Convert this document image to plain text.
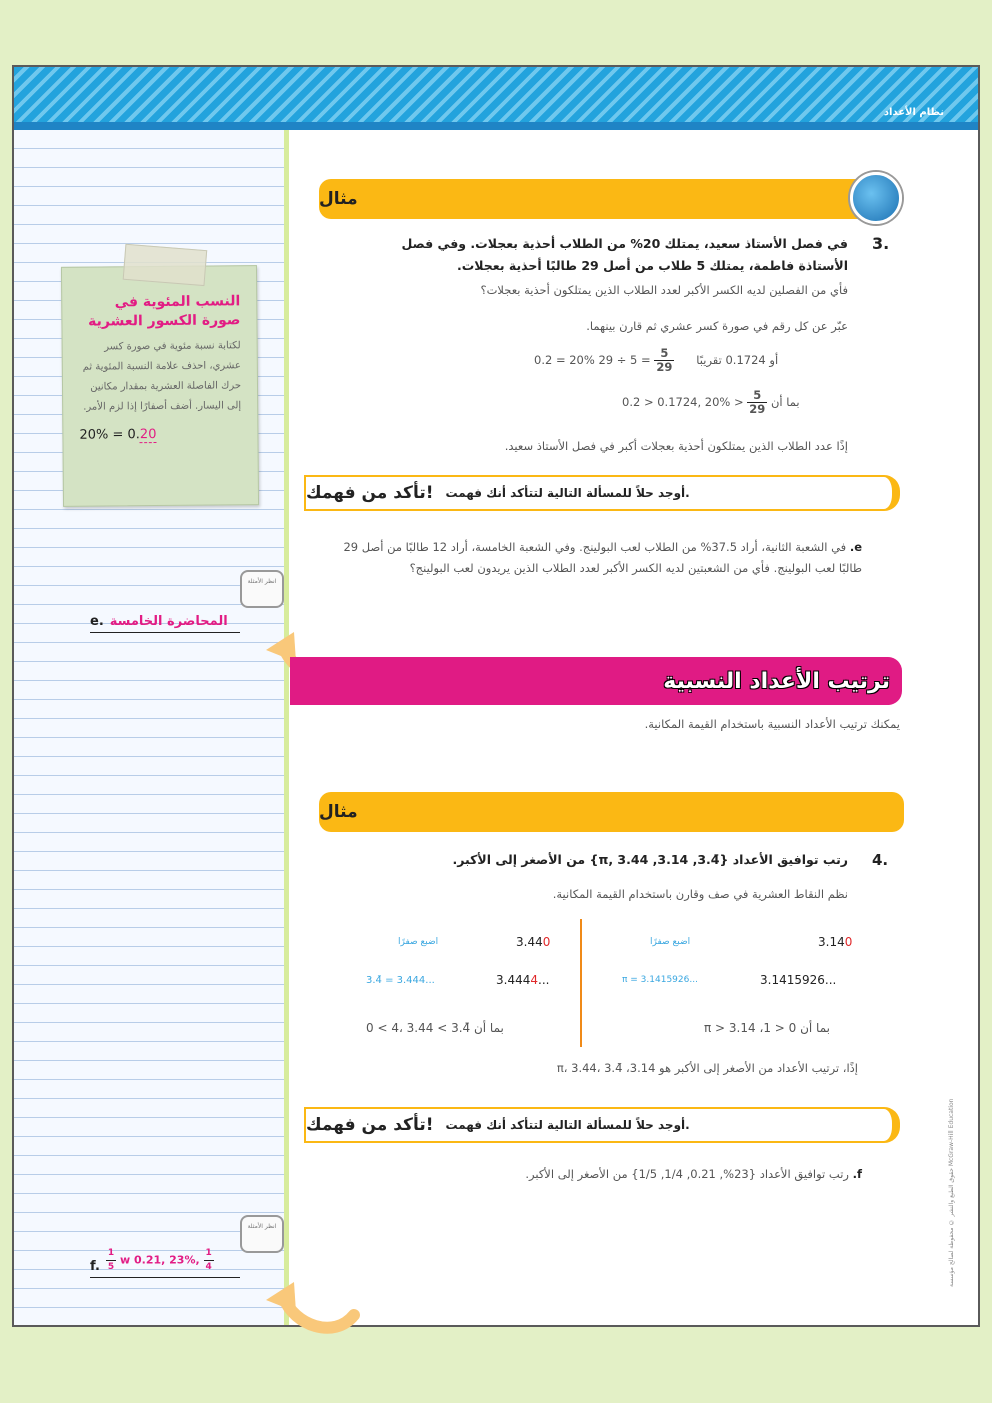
نظام الأعداد
النسب المئوية في صورة الكسور العشرية
لكتابة نسبة مئوية في صورة كسر عشري، احذف علامة النسبة المئوية ثم حرك الفاصلة العشرية بمقدار مكانين إلى اليسار. أضف أصفارًا إذا لزم الأمر.
20% = 0.20
انظر الأمثلة
e. المحاضرة الخامسة
انظر الأمثلة
f. $\frac{1}{5}$ w 0.21, 23%, $\frac{1}{4}$
مثال
3.
في فصل الأستاذ سعيد، يمتلك 20% من الطلاب أحذية بعجلات. وفي فصل
الأستاذة فاطمة، يمتلك 5 طلاب من أصل 29 طالبًا أحذية بعجلات.
فأي من الفصلين لديه الكسر الأكبر لعدد الطلاب الذين يمتلكون أحذية بعجلات؟
عبّر عن كل رقم في صورة كسر عشري ثم قارن بينهما.
0.2 = 20% أو 0.1724 تقريبًا
$\frac{5}{29}$
= 5 ÷ 29
0.2 > 0.1724, $20\% > \frac{5}{29}$ بما أن
إذًا عدد الطلاب الذين يمتلكون أحذية بعجلات أكبر في فصل الأستاذ سعيد.
تأكد من فهمك! أوجد حلاً للمسألة التالية لتتأكد أنك فهمت.
e. في الشعبة الثانية، أراد 37.5% من الطلاب لعب البولينج. وفي الشعبة الخامسة، أراد 12 طالبًا من أصل 29 طالبًا لعب البولينج. فأي من الشعبتين لديه الكسر الأكبر لعدد الطلاب الذين يريدون لعب البولينج؟
ترتيب الأعداد النسبية
يمكنك ترتيب الأعداد النسبية باستخدام القيمة المكانية.
مثال
4.
رتب توافيق الأعداد {3.4̄, 3.14, π, 3.44} من الأصغر إلى الأكبر.
نظم النقاط العشرية في صف وقارن باستخدام القيمة المكانية.
3.140
اضبع صفرًا
3.1415926...
π = 3.1415926...
بما أن π > 3.14 ،1 > 0
3.440
اضبع صفرًا
3.4444...
3.4̄ = 3.444...
بما أن 3.4̄ > 3.44 ،4 > 0
إذًا، ترتيب الأعداد من الأصغر إلى الأكبر هو 3.14، π، 3.44، 3.4̄
تأكد من فهمك! أوجد حلاً للمسألة التالية لتتأكد أنك فهمت.
f. رتب توافيق الأعداد {23%, 0.21, 1/4, 1/5} من الأصغر إلى الأكبر.	حقوق الطبع والنشر © محفوظة لصالح مؤسسة McGraw-Hill Education
